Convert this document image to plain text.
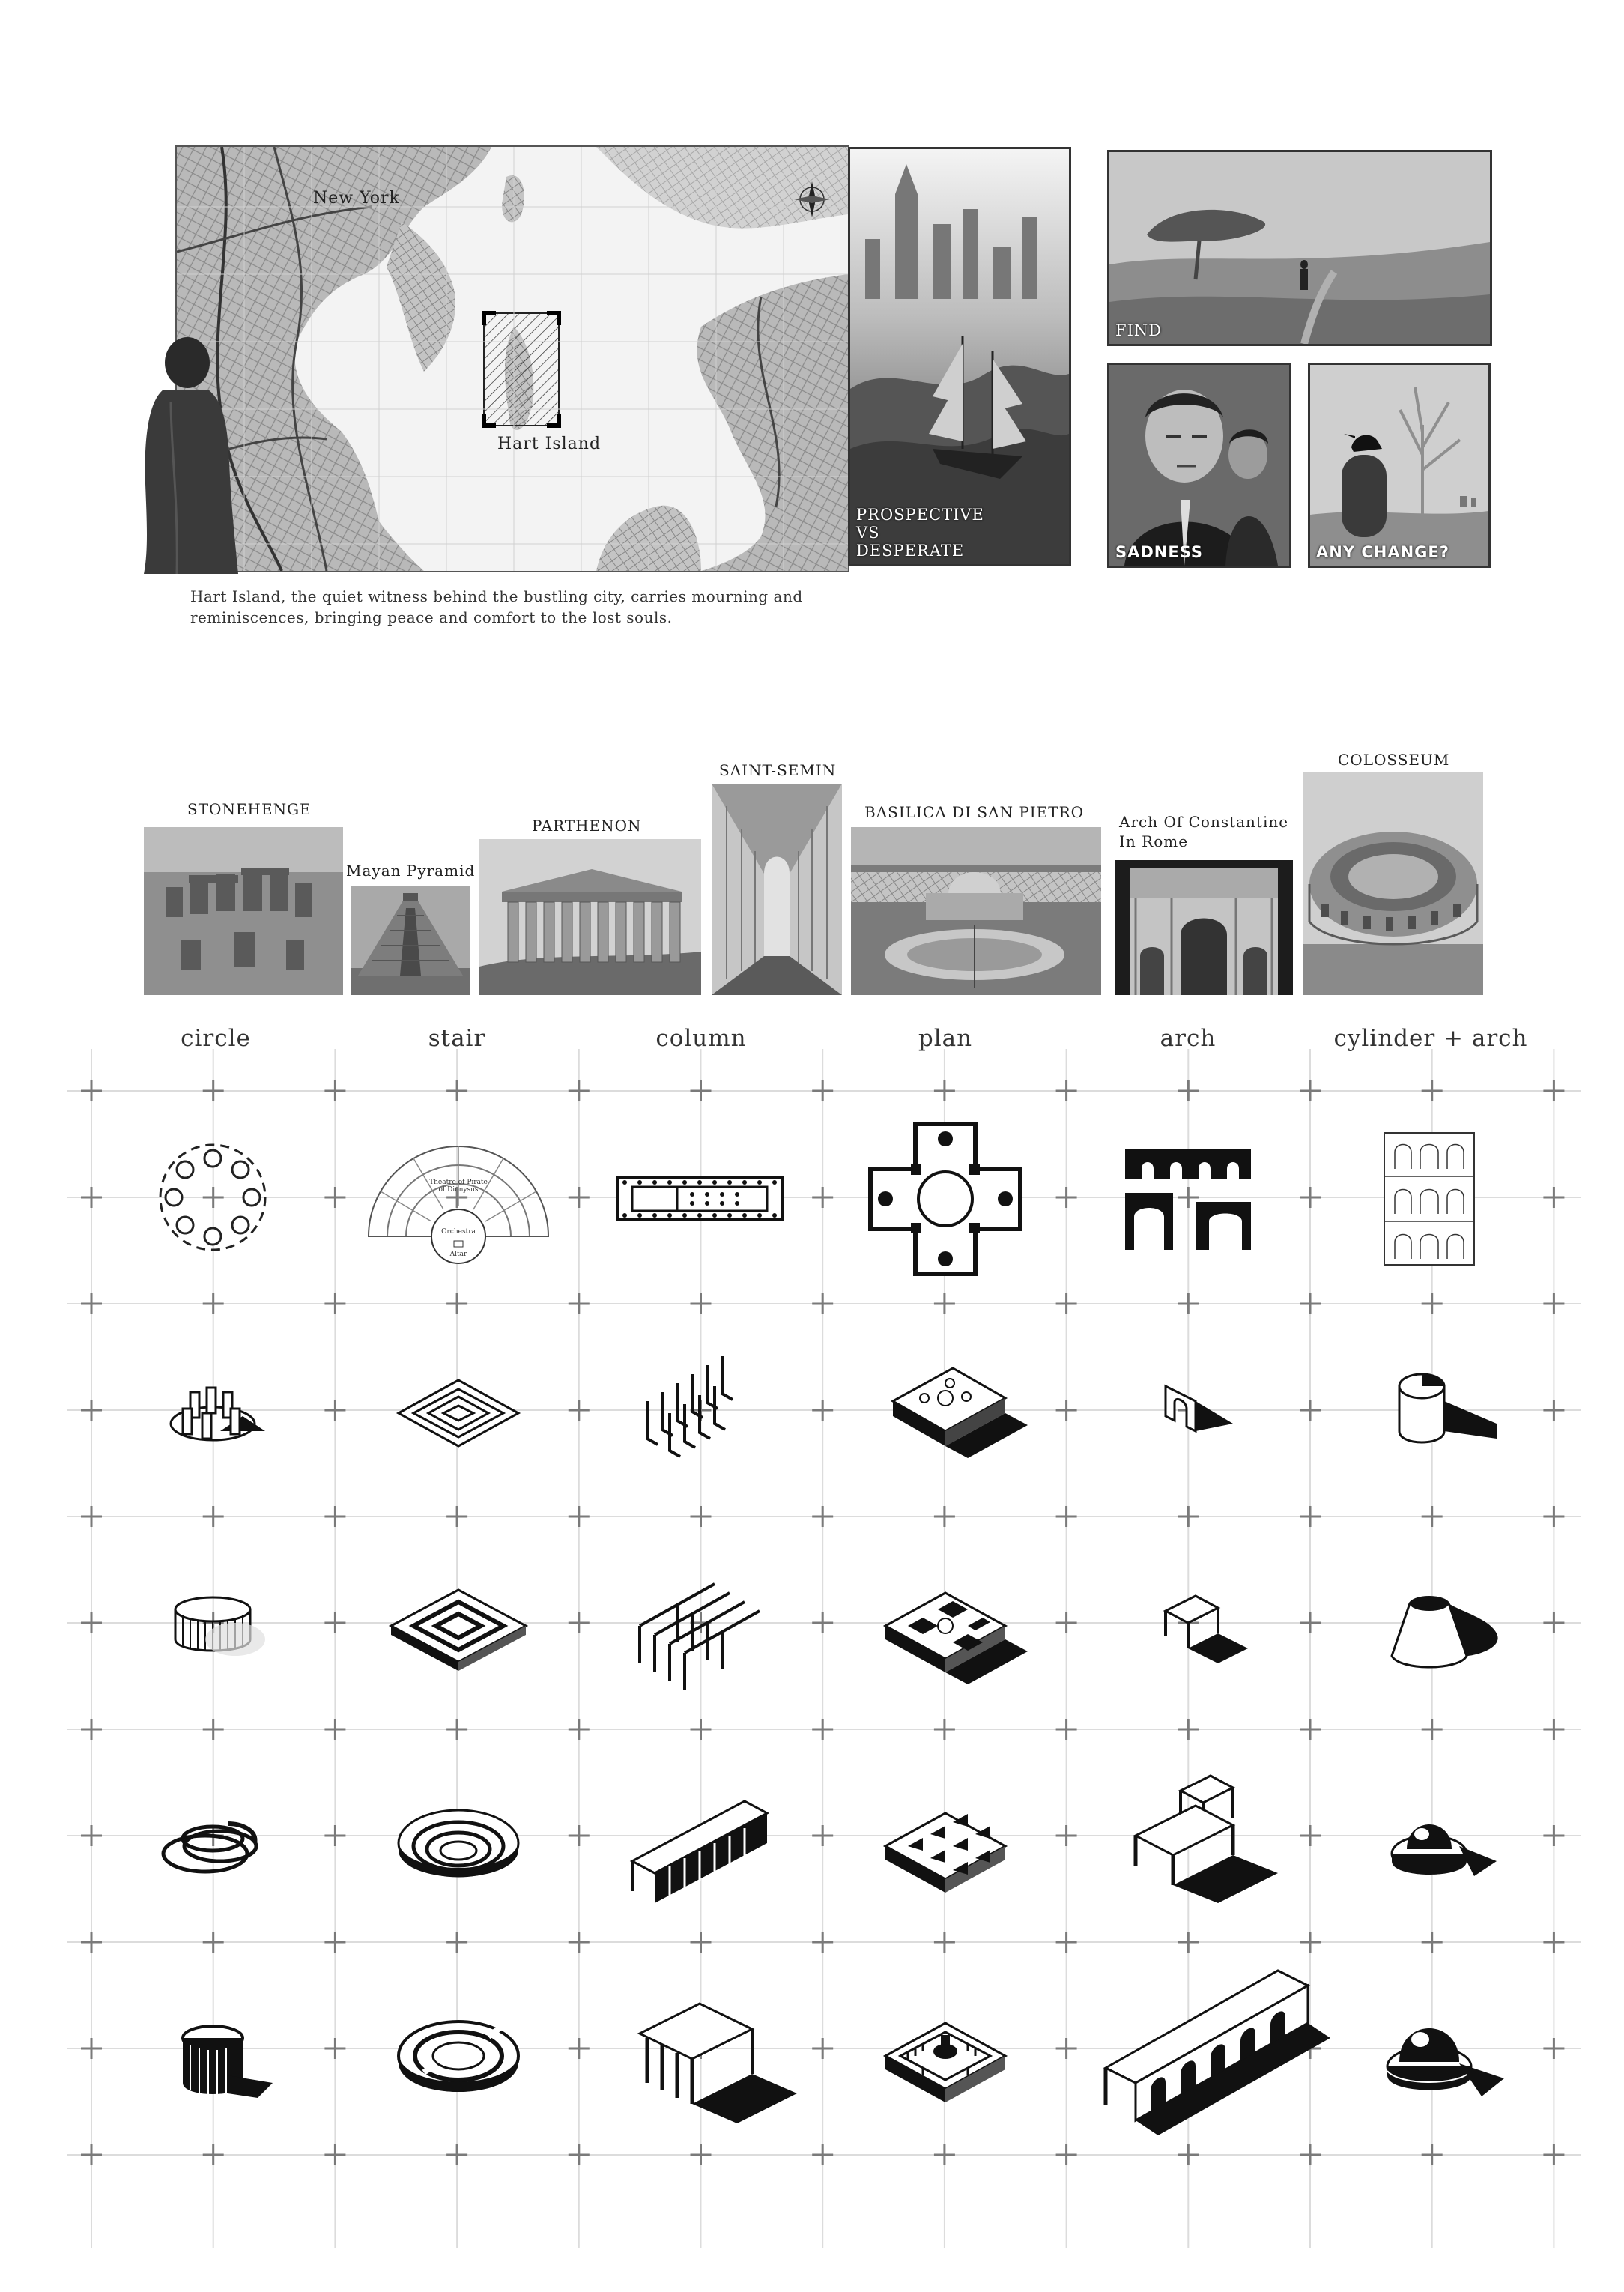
New York
Hart Island
Hart Island, the quiet witness behind the bustling city, carries mourning and reminiscences, bringing peace and comfort to the lost souls.
PROSPECTIVE
VS
DESPERATE
FIND
SADNESS	ANY CHANGE?
STONEHENGE
Mayan Pyramid
PARTHENON
SAINT-SEMIN
BASILICA DI SAN PIETRO
Arch Of Constantine
In Rome
COLOSSEUM
circle	stair	column	plan	arch	cylinder + arch
Theatre of Pirate
of Dionysus
Orchestra
Altar
